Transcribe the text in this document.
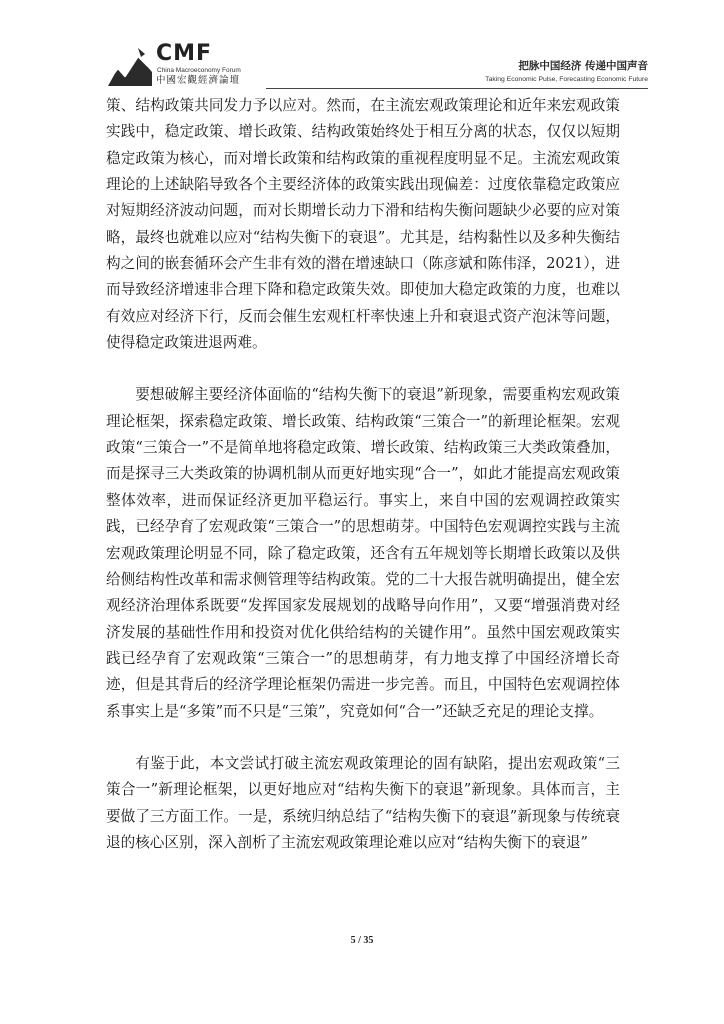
CMF
China Macroeconomy Forum
中國宏觀經濟論壇
把脉中国经济 传递中国声音
Taking Economic Pulse, Forecasting Economic Future

策、结构政策共同发力予以应对。然而，在主流宏观政策理论和近年来宏观政策实践中，稳定政策、增长政策、结构政策始终处于相互分离的状态，仅仅以短期稳定政策为核心，而对增长政策和结构政策的重视程度明显不足。主流宏观政策理论的上述缺陷导致各个主要经济体的政策实践出现偏差：过度依靠稳定政策应对短期经济波动问题，而对长期增长动力下滑和结构失衡问题缺少必要的应对策略，最终也就难以应对“结构失衡下的衰退”。尤其是，结构黏性以及多种失衡结构之间的嵌套循环会产生非有效的潜在增速缺口（陈彦斌和陈伟泽，2021），进而导致经济增速非合理下降和稳定政策失效。即使加大稳定政策的力度，也难以有效应对经济下行，反而会催生宏观杠杆率快速上升和衰退式资产泡沫等问题，使得稳定政策进退两难。

要想破解主要经济体面临的“结构失衡下的衰退”新现象，需要重构宏观政策理论框架，探索稳定政策、增长政策、结构政策“三策合一”的新理论框架。宏观政策“三策合一”不是简单地将稳定政策、增长政策、结构政策三大类政策叠加，而是探寻三大类政策的协调机制从而更好地实现“合一”，如此才能提高宏观政策整体效率，进而保证经济更加平稳运行。事实上，来自中国的宏观调控政策实践，已经孕育了宏观政策“三策合一”的思想萌芽。中国特色宏观调控实践与主流宏观政策理论明显不同，除了稳定政策，还含有五年规划等长期增长政策以及供给侧结构性改革和需求侧管理等结构政策。党的二十大报告就明确提出，健全宏观经济治理体系既要“发挥国家发展规划的战略导向作用”，又要“增强消费对经济发展的基础性作用和投资对优化供给结构的关键作用”。虽然中国宏观政策实践已经孕育了宏观政策“三策合一”的思想萌芽，有力地支撑了中国经济增长奇迹，但是其背后的经济学理论框架仍需进一步完善。而且，中国特色宏观调控体系事实上是“多策”而不只是“三策”，究竟如何“合一”还缺乏充足的理论支撑。

有鉴于此，本文尝试打破主流宏观政策理论的固有缺陷，提出宏观政策“三策合一”新理论框架，以更好地应对“结构失衡下的衰退”新现象。具体而言，主要做了三方面工作。一是，系统归纳总结了“结构失衡下的衰退”新现象与传统衰退的核心区别，深入剖析了主流宏观政策理论难以应对“结构失衡下的衰退”

5 / 35
